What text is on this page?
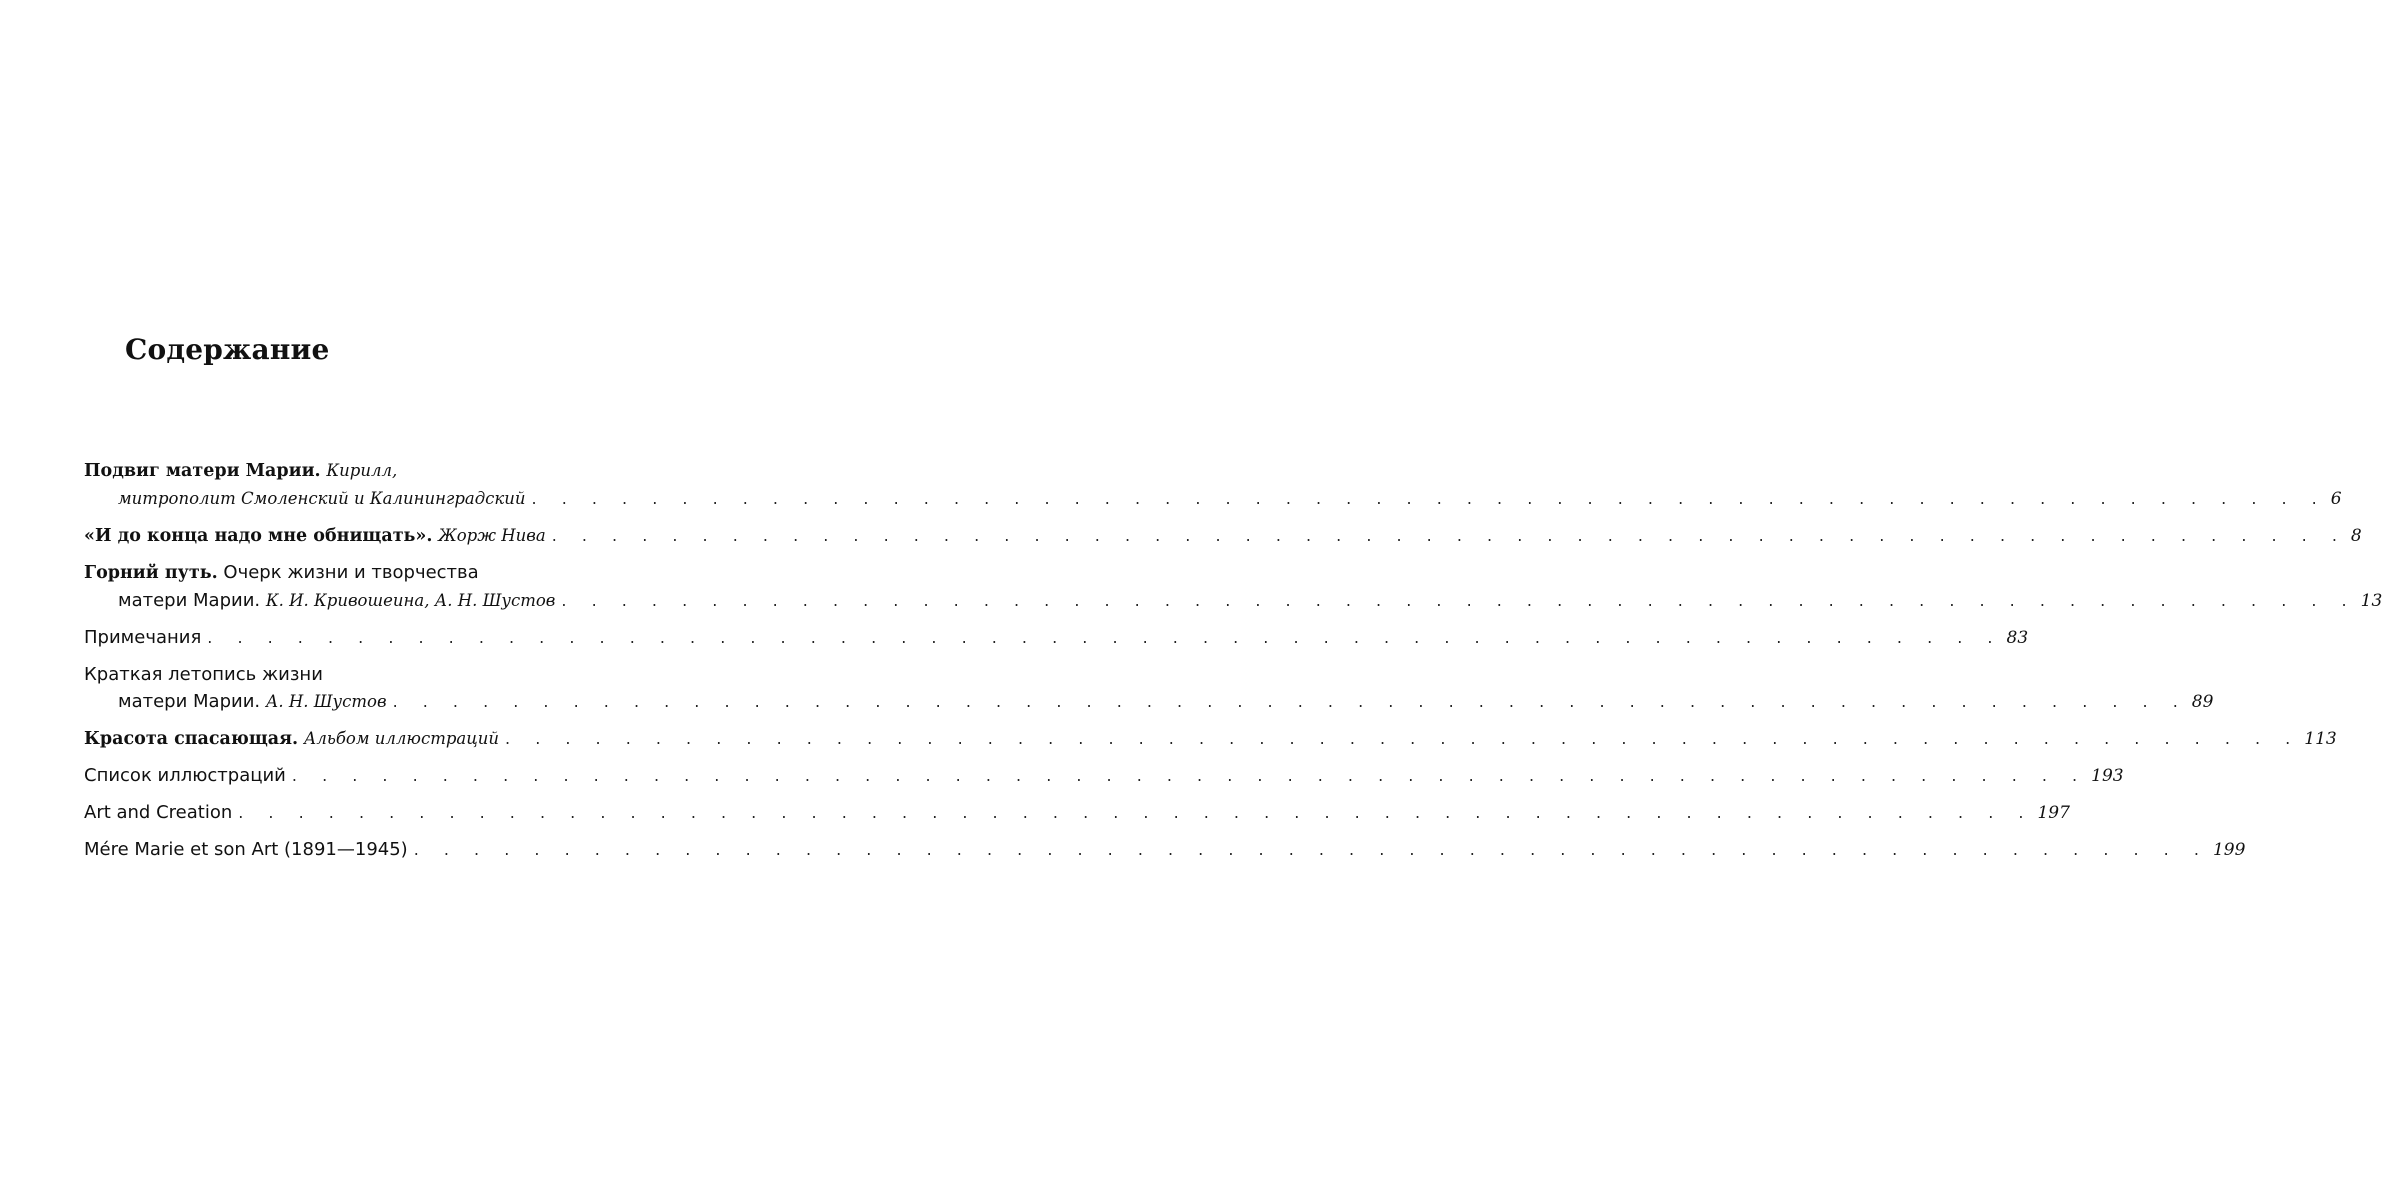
Содержание
Подвиг матери Марии.
Кирилл,
митрополит Смоленский и Калининградский . . . . . . . . . . . . . . . . . . . . . . . . . . . . . . . . . . . . . . . . . . . . . . . . . . . . . . . . . . . . 6
«И до конца надо мне обнищать».
Жорж Нива . . . . . . . . . . . . . . . . . . . . . . . . . . . . . . . . . . . . . . . . . . . . . . . . . . . . . . . . . . . . 8
Горний путь.
Очерк жизни и творчества
матери Марии.
К. И. Кривошеина, А. Н. Шустов . . . . . . . . . . . . . . . . . . . . . . . . . . . . . . . . . . . . . . . . . . . . . . . . . . . . . . . . . . . . 13
Примечания . . . . . . . . . . . . . . . . . . . . . . . . . . . . . . . . . . . . . . . . . . . . . . . . . . . . . . . . . . . . 83
Краткая летопись жизни
матери Марии.
А. Н. Шустов . . . . . . . . . . . . . . . . . . . . . . . . . . . . . . . . . . . . . . . . . . . . . . . . . . . . . . . . . . . . 89
Красота спасающая.
Альбом иллюстраций . . . . . . . . . . . . . . . . . . . . . . . . . . . . . . . . . . . . . . . . . . . . . . . . . . . . . . . . . . . . 113
Список иллюстраций . . . . . . . . . . . . . . . . . . . . . . . . . . . . . . . . . . . . . . . . . . . . . . . . . . . . . . . . . . . . 193
Art and Creation . . . . . . . . . . . . . . . . . . . . . . . . . . . . . . . . . . . . . . . . . . . . . . . . . . . . . . . . . . . . 197
Mére Marie et son Art (1891—1945) . . . . . . . . . . . . . . . . . . . . . . . . . . . . . . . . . . . . . . . . . . . . . . . . . . . . . . . . . . . . 199
